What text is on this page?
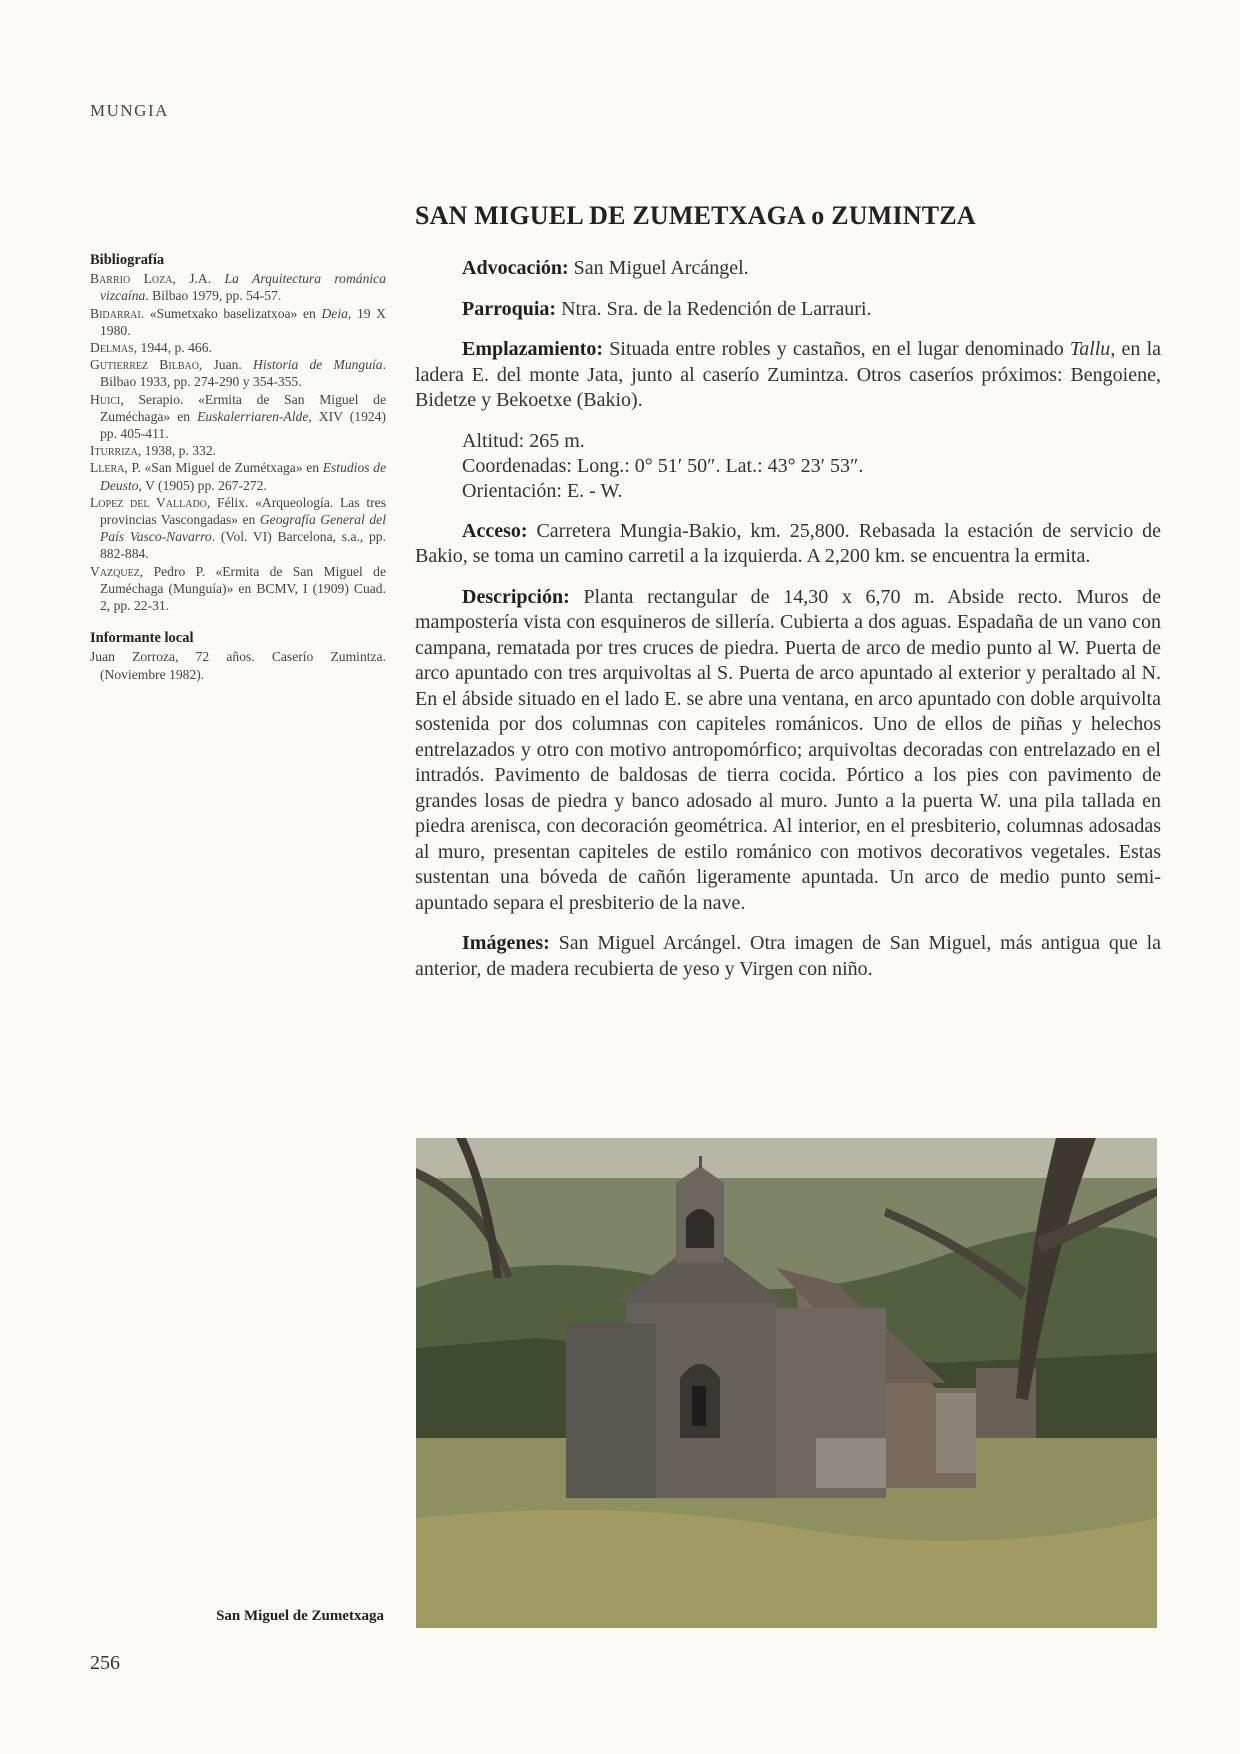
MUNGIA
SAN MIGUEL DE ZUMETXAGA o ZUMINTZA
Bibliografía

Barrio Loza, J.A. La Arquitectura románica vizcaína. Bilbao 1979, pp. 54-57.

Bidarrai. «Sumetxako baselizatxoa» en Deia, 19 X 1980.

Delmas, 1944, p. 466.

Gutierrez Bilbao, Juan. Historia de Munguía. Bilbao 1933, pp. 274-290 y 354-355.

Huici, Serapio. «Ermita de San Miguel de Zuméchaga» en Euskalerriaren-Alde, XIV (1924) pp. 405-411.

Iturriza, 1938, p. 332.

Llera, P. «San Miguel de Zumétxaga» en Estudios de Deusto, V (1905) pp. 267-272.

Lopez del Vallado, Félix. «Arqueología. Las tres provincias Vascongadas» en Geografía General del País Vasco-Navarro. (Vol. VI) Barcelona, s.a., pp. 882-884.

Vazquez, Pedro P. «Ermita de San Miguel de Zuméchaga (Munguía)» en BCMV, I (1909) Cuad. 2, pp. 22-31.

Informante local

Juan Zorroza, 72 años. Caserío Zumintza. (Noviembre 1982).

Advocación: San Miguel Arcángel.

Parroquia: Ntra. Sra. de la Redención de Larrauri.

Emplazamiento: Situada entre robles y castaños, en el lugar denominado Tallu, en la ladera E. del monte Jata, junto al caserío Zumintza. Otros caseríos próximos: Bengoiene, Bidetze y Bekoetxe (Bakio).

Altitud: 265 m.
Coordenadas: Long.: 0° 51′ 50″. Lat.: 43° 23′ 53″.
Orientación: E. - W.

Acceso: Carretera Mungia-Bakio, km. 25,800. Rebasada la estación de servicio de Bakio, se toma un camino carretil a la izquierda. A 2,200 km. se encuentra la ermita.

Descripción: Planta rectangular de 14,30 x 6,70 m. Abside recto. Muros de mampostería vista con esquineros de sillería. Cubierta a dos aguas. Espadaña de un vano con campana, rematada por tres cruces de piedra. Puerta de arco de medio punto al W. Puerta de arco apuntado con tres arquivoltas al S. Puerta de arco apuntado al exterior y peraltado al N. En el ábside situado en el lado E. se abre una ventana, en arco apuntado con doble arquivolta sostenida por dos columnas con capiteles románicos. Uno de ellos de piñas y helechos entrelazados y otro con motivo antropomórfico; arquivoltas decoradas con entrelazado en el intradós. Pavimento de baldosas de tierra cocida. Pórtico a los pies con pavimento de grandes losas de piedra y banco adosado al muro. Junto a la puerta W. una pila tallada en piedra arenisca, con decoración geométrica. Al interior, en el presbiterio, columnas adosadas al muro, presentan capiteles de estilo románico con motivos decorativos vegetales. Estas sustentan una bóveda de cañón ligeramente apuntada. Un arco de medio punto semi-apuntado separa el presbiterio de la nave.

Imágenes: San Miguel Arcángel. Otra imagen de San Miguel, más antigua que la anterior, de madera recubierta de yeso y Virgen con niño.

San Miguel de Zumetxaga
256
